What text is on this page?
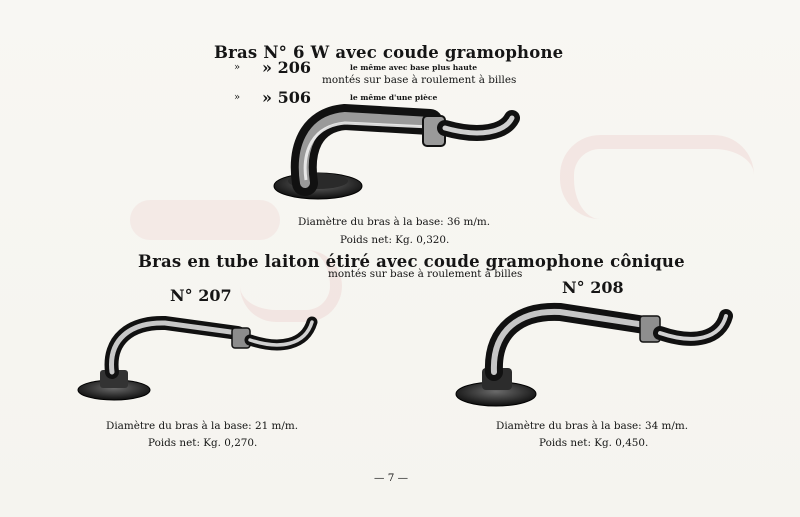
Bras N° 6 W avec coude gramophone
» » 206	le même avec base plus haute
montés sur base à roulement à billes
» » 506	le même d'une pièce
Diamètre du bras à la base: 36 m/m.
Poids net: Kg. 0,320.
Bras en tube laiton étiré avec coude gramophone cônique
montés sur base à roulement à billes
N° 207
Diamètre du bras à la base: 21 m/m.
Poids net: Kg. 0,270.
N° 208
Diamètre du bras à la base: 34 m/m.
Poids net: Kg. 0,450.
— 7 —
